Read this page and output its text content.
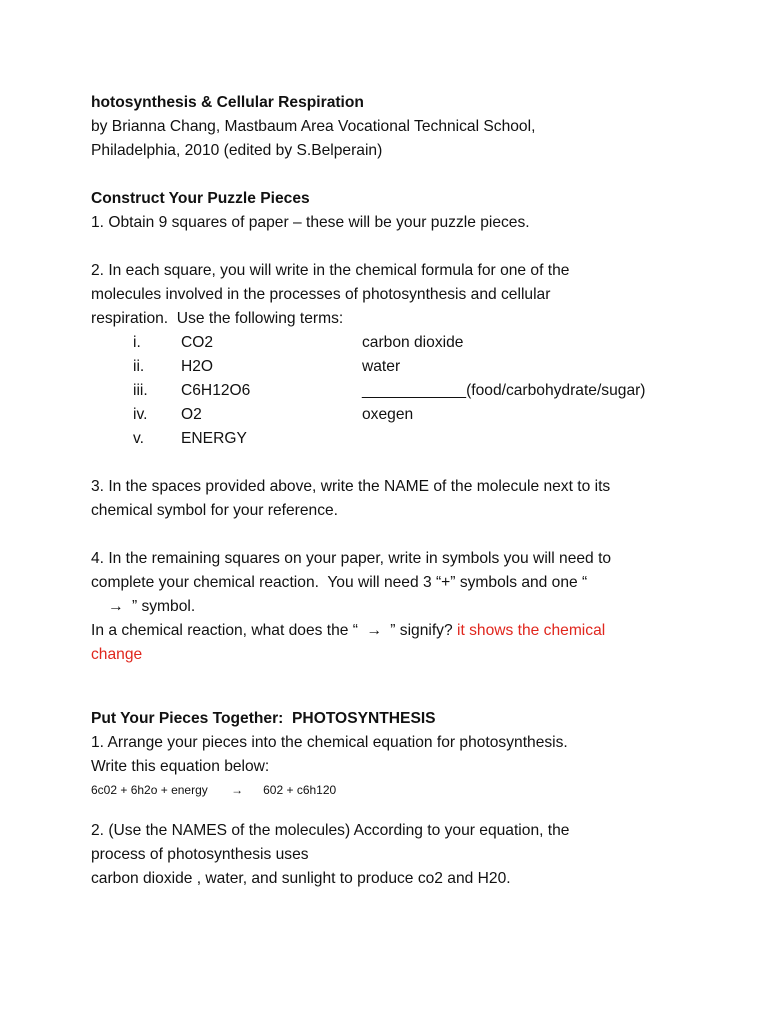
hotosynthesis & Cellular Respiration
by Brianna Chang, Mastbaum Area Vocational Technical School,
Philadelphia, 2010 (edited by S.Belperain)
Construct Your Puzzle Pieces
1. Obtain 9 squares of paper – these will be your puzzle pieces.
2. In each square, you will write in the chemical formula for one of the
molecules involved in the processes of photosynthesis and cellular
respiration.  Use the following terms:
i.	CO2	carbon dioxide
ii. H2O	water
iii. C6H12O6	____________(food/carbohydrate/sugar)
iv. O2	oxegen
v. ENERGY
3. In the spaces provided above, write the NAME of the molecule next to its
chemical symbol for your reference.
4. In the remaining squares on your paper, write in symbols you will need to
complete your chemical reaction.  You will need 3 “+” symbols and one “
→ ” symbol.
In a chemical reaction, what does the “ → ” signify? it shows the chemical
change
Put Your Pieces Together:  PHOTOSYNTHESIS
1. Arrange your pieces into the chemical equation for photosynthesis.
Write this equation below:
6c02 + 6h2o + energy → 602 + c6h120
2. (Use the NAMES of the molecules) According to your equation, the
process of photosynthesis uses
carbon dioxide , water, and sunlight to produce co2 and H20.
